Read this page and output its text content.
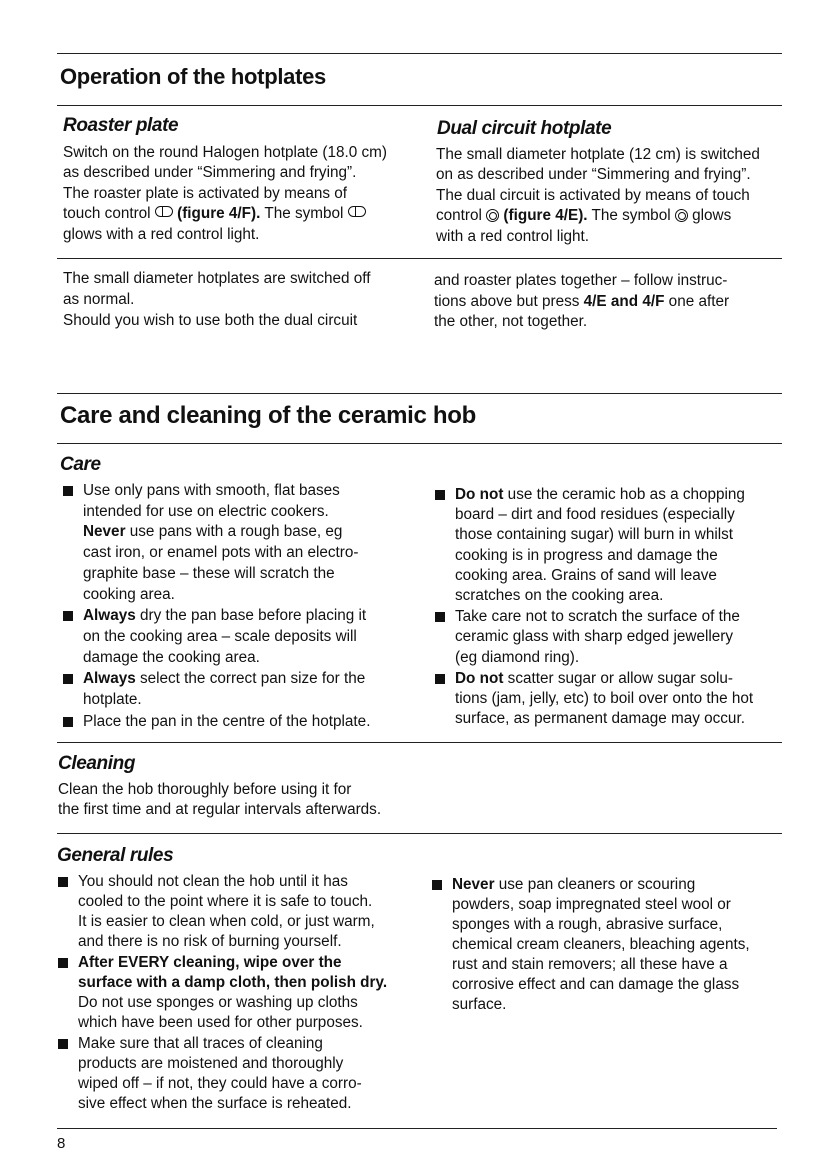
Operation of the hotplates
Roaster plate
Switch on the round Halogen hotplate (18.0 cm)
as described under “Simmering and frying”.
The roaster plate is activated by means of
touch control  (figure 4/F). The symbol
glows with a red control light.
Dual circuit hotplate
The small diameter hotplate (12 cm) is switched
on as described under “Simmering and frying”.
The dual circuit is activated by means of touch
control  (figure 4/E). The symbol  glows
with a red control light.
The small diameter hotplates are switched off
as normal.
Should you wish to use both the dual circuit
and roaster plates together – follow instruc-
tions above but press 4/E and 4/F one after
the other, not together.
Care and cleaning of the ceramic hob
Care
Use only pans with smooth, flat bases
intended for use on electric cookers.
Never use pans with a rough base, eg
cast iron, or enamel pots with an electro-
graphite base – these will scratch the
cooking area.
Always dry the pan base before placing it
on the cooking area – scale deposits will
damage the cooking area.
Always select the correct pan size for the
hotplate.
Place the pan in the centre of the hotplate.
Do not use the ceramic hob as a chopping
board – dirt and food residues (especially
those containing sugar) will burn in whilst
cooking is in progress and damage the
cooking area. Grains of sand will leave
scratches on the cooking area.
Take care not to scratch the surface of the
ceramic glass with sharp edged jewellery
(eg diamond ring).
Do not scatter sugar or allow sugar solu-
tions (jam, jelly, etc) to boil over onto the hot
surface, as permanent damage may occur.
Cleaning
Clean the hob thoroughly before using it for
the first time and at regular intervals afterwards.
General rules
You should not clean the hob until it has
cooled to the point where it is safe to touch.
It is easier to clean when cold, or just warm,
and there is no risk of burning yourself.
After EVERY cleaning, wipe over the
surface with a damp cloth, then polish dry.
Do not use sponges or washing up cloths
which have been used for other purposes.
Make sure that all traces of cleaning
products are moistened and thoroughly
wiped off – if not, they could have a corro-
sive effect when the surface is reheated.
Never use pan cleaners or scouring
powders, soap impregnated steel wool or
sponges with a rough, abrasive surface,
chemical cream cleaners, bleaching agents,
rust and stain removers; all these have a
corrosive effect and can damage the glass
surface.
8
